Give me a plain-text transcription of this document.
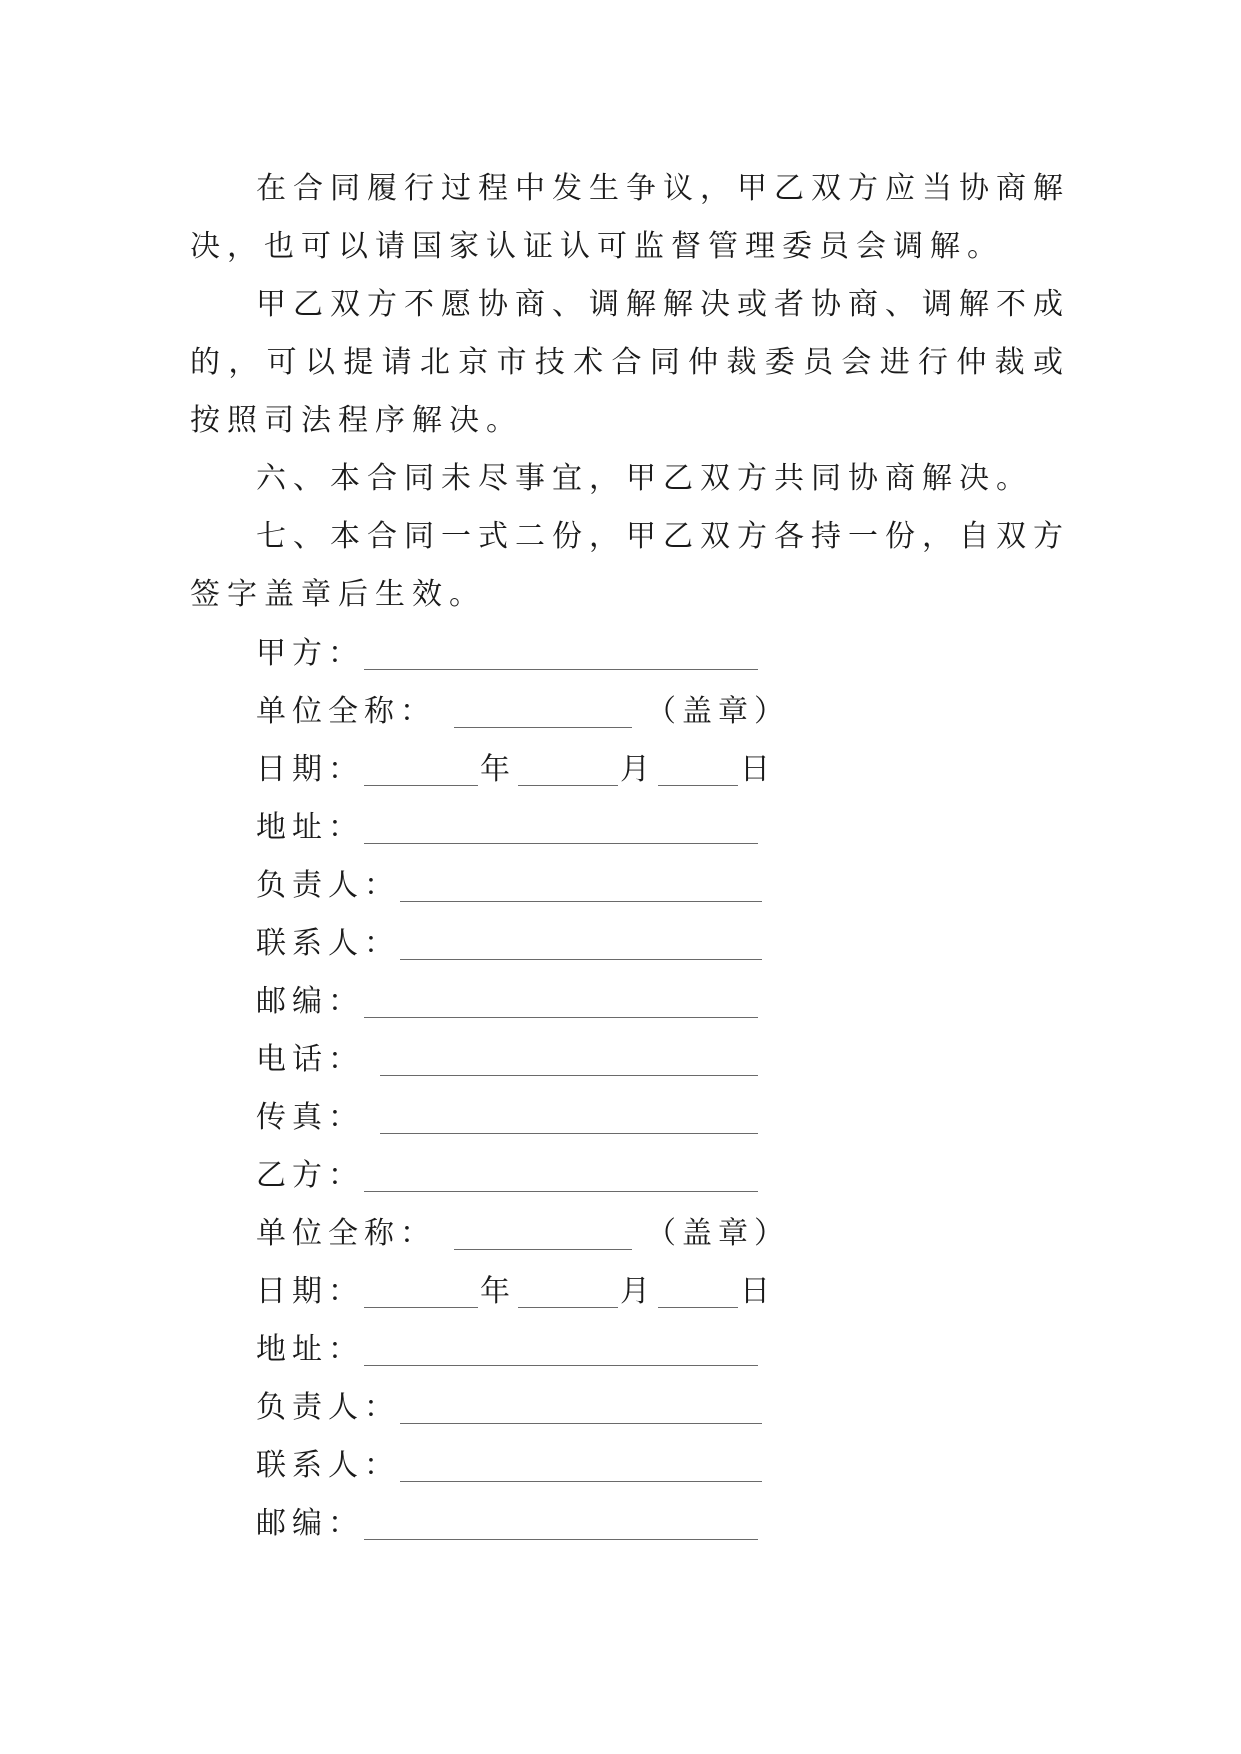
在合同履行过程中发生争议，甲乙双方应当协商解决，也可以请国家认证认可监督管理委员会调解。

甲乙双方不愿协商、调解解决或者协商、调解不成的，可以提请北京市技术合同仲裁委员会进行仲裁或按照司法程序解决。

六、本合同未尽事宜，甲乙双方共同协商解决。

七、本合同一式二份，甲乙双方各持一份，自双方签字盖章后生效。

甲方：
单位全称：	（盖章）
日期：	年	月	日
地址：
负责人：
联系人：
邮编：
电话：
传真：
乙方：
单位全称：	（盖章）
日期：	年	月	日
地址：
负责人：
联系人：
邮编：
